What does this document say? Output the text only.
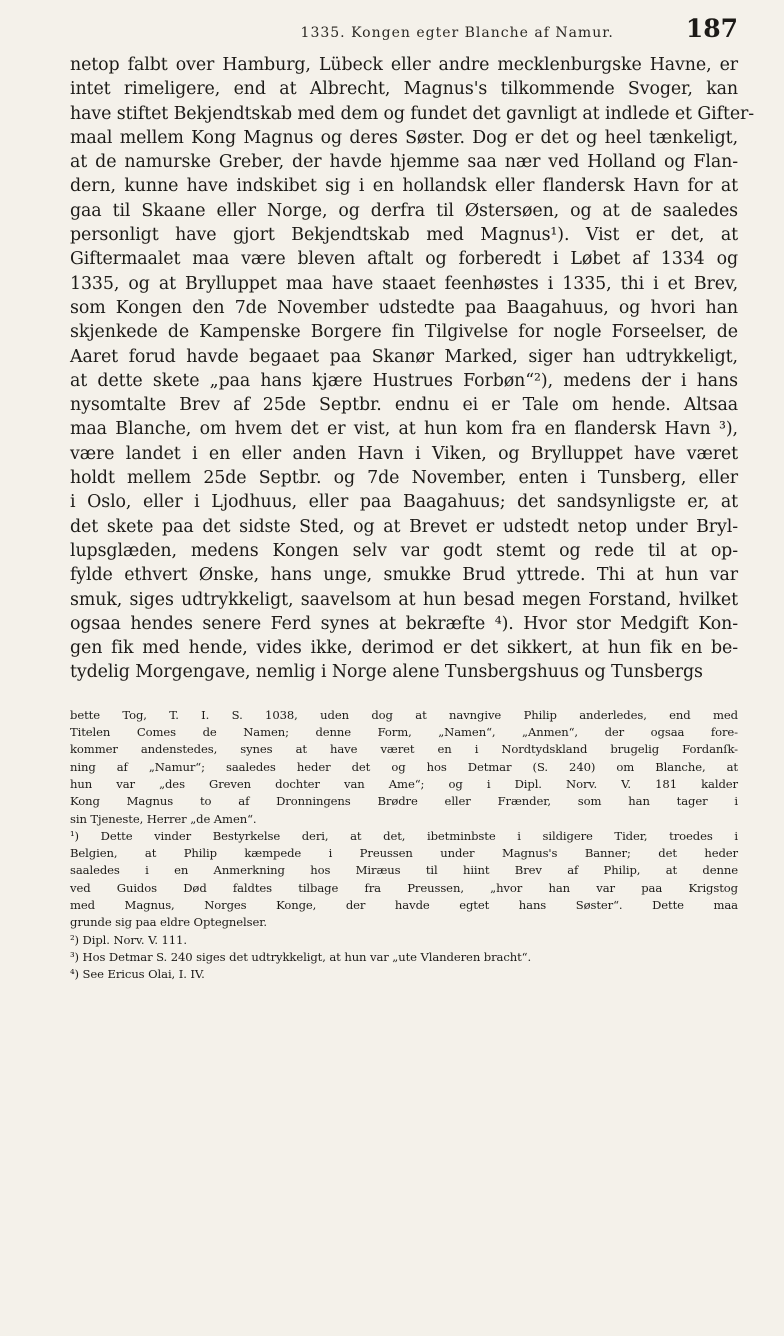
1335. Kongen egter Blanche af Namur.	187
netop falbt over Hamburg, Lübeck eller andre mecklenburgske Havne, er
intet rimeligere, end at Albrecht, Magnus's tilkommende Svoger, kan
have stiftet Bekjendtskab med dem og fundet det gavnligt at indlede et Gifter-
maal mellem Kong Magnus og deres Søster. Dog er det og heel tænkeligt,
at de namurske Greber, der havde hjemme saa nær ved Holland og Flan-
dern, kunne have indskibet sig i en hollandsk eller flandersk Havn for at
gaa til Skaane eller Norge, og derfra til Østersøen, og at de saaledes
personligt have gjort Bekjendtskab med Magnus¹). Vist er det, at
Giftermaalet maa være bleven aftalt og forberedt i Løbet af 1334 og
1335, og at Brylluppet maa have staaet feenhøstes i 1335, thi i et Brev,
som Kongen den 7de November udstedte paa Baagahuus, og hvori han
skjenkede de Kampenske Borgere fin Tilgivelse for nogle Forseelser, de
Aaret forud havde begaaet paa Skanør Marked, siger han udtrykkeligt,
at dette skete „paa hans kjære Hustrues Forbøn“²), medens der i hans
nysomtalte Brev af 25de Septbr. endnu ei er Tale om hende. Altsaa
maa Blanche, om hvem det er vist, at hun kom fra en flandersk Havn ³),
være landet i en eller anden Havn i Viken, og Brylluppet have været
holdt mellem 25de Septbr. og 7de November, enten i Tunsberg, eller
i Oslo, eller i Ljodhuus, eller paa Baagahuus; det sandsynligste er, at
det skete paa det sidste Sted, og at Brevet er udstedt netop under Bryl-
lupsglæden, medens Kongen selv var godt stemt og rede til at op-
fylde ethvert Ønske, hans unge, smukke Brud yttrede. Thi at hun var
smuk, siges udtrykkeligt, saavelsom at hun besad megen Forstand, hvilket
ogsaa hendes senere Ferd synes at bekræfte ⁴). Hvor stor Medgift Kon-
gen fik med hende, vides ikke, derimod er det sikkert, at hun fik en be-
tydelig Morgengave, nemlig i Norge alene Tunsbergshuus og Tunsbergs
bette Tog, T. I. S. 1038, uden dog at navngive Philip anderledes, end med
Titelen Comes de Namen; denne Form, „Namen“, „Anmen“, der ogsaa fore-
kommer andenstedes, synes at have været en i Nordtydskland brugelig Fordanſk-
ning af „Namur“; saaledes heder det og hos Detmar (S. 240) om Blanche, at
hun var „des Greven dochter van Ame“; og i Dipl. Norv. V. 181 kalder
Kong Magnus to af Dronningens Brødre eller Frænder, som han tager i
sin Tjeneste, Herrer „de Amen“.
¹) Dette vinder Bestyrkelse deri, at det, ibetminbste i sildigere Tider, troedes i
Belgien, at Philip kæmpede i Preussen under Magnus's Banner; det heder
saaledes i en Anmerkning hos Miræus til hiint Brev af Philip, at denne
ved Guidos Død faldtes tilbage fra Preussen, „hvor han var paa Krigstog
med Magnus, Norges Konge, der havde egtet hans Søster“. Dette maa
grunde sig paa eldre Optegnelser.
²) Dipl. Norv. V. 111.
³) Hos Detmar S. 240 siges det udtrykkeligt, at hun var „ute Vlanderen bracht“.
⁴) See Ericus Olai, I. IV.
